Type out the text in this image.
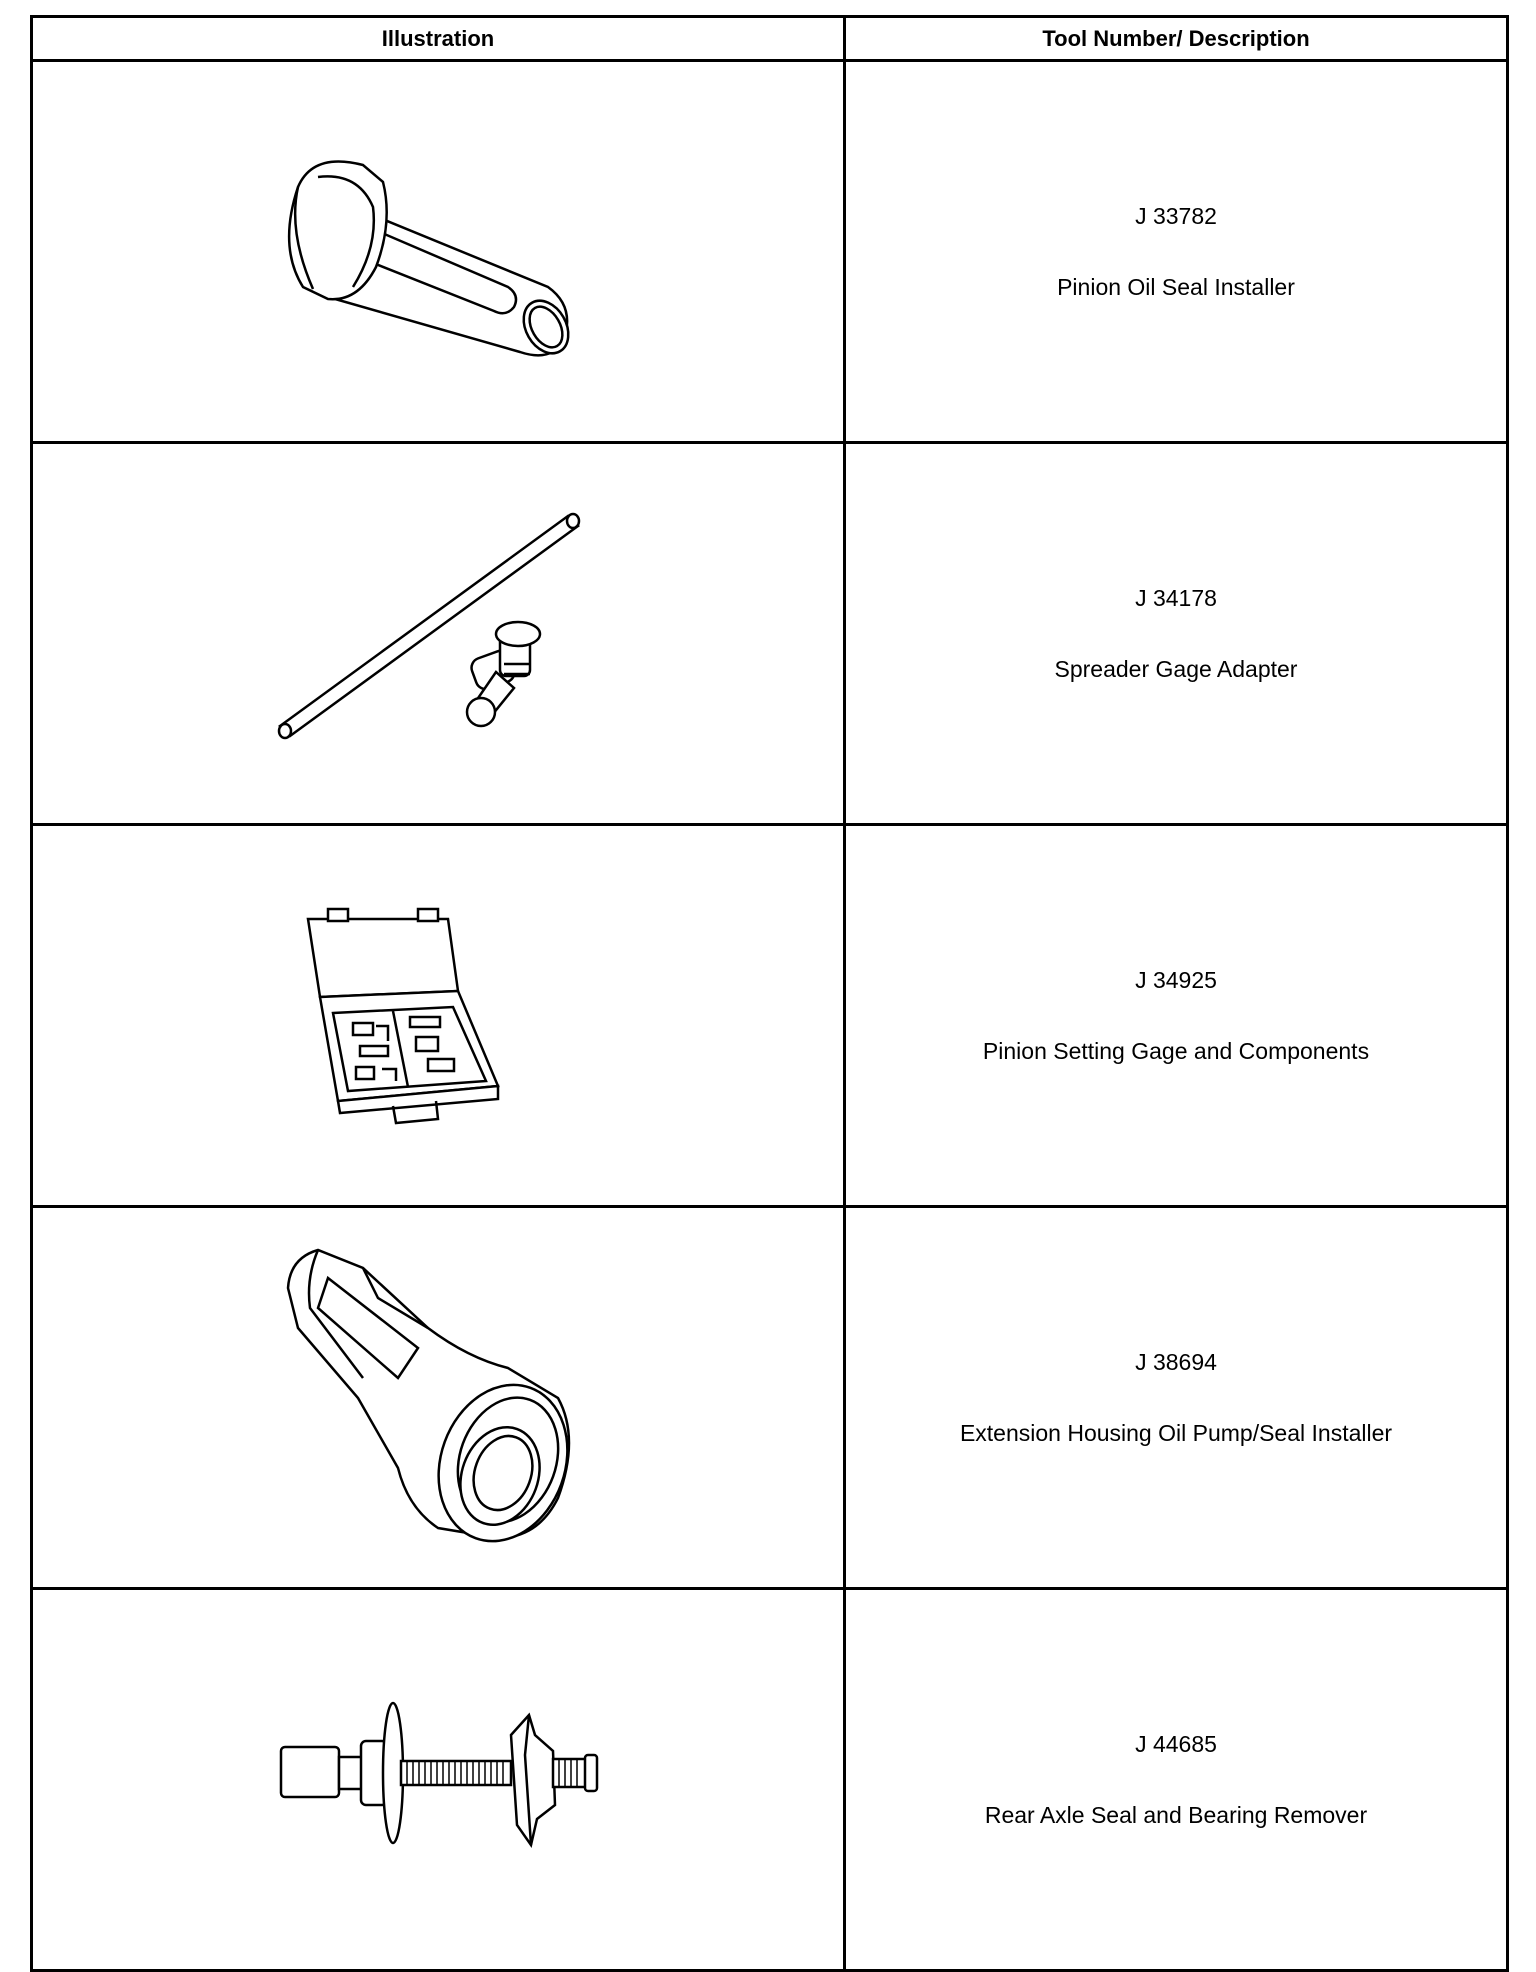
Illustration	Tool Number/ Description

J 33782
Pinion Oil Seal Installer

J 34178
Spreader Gage Adapter

J 34925
Pinion Setting Gage and Components

J 38694
Extension Housing Oil Pump/Seal Installer

J 44685
Rear Axle Seal and Bearing Remover
